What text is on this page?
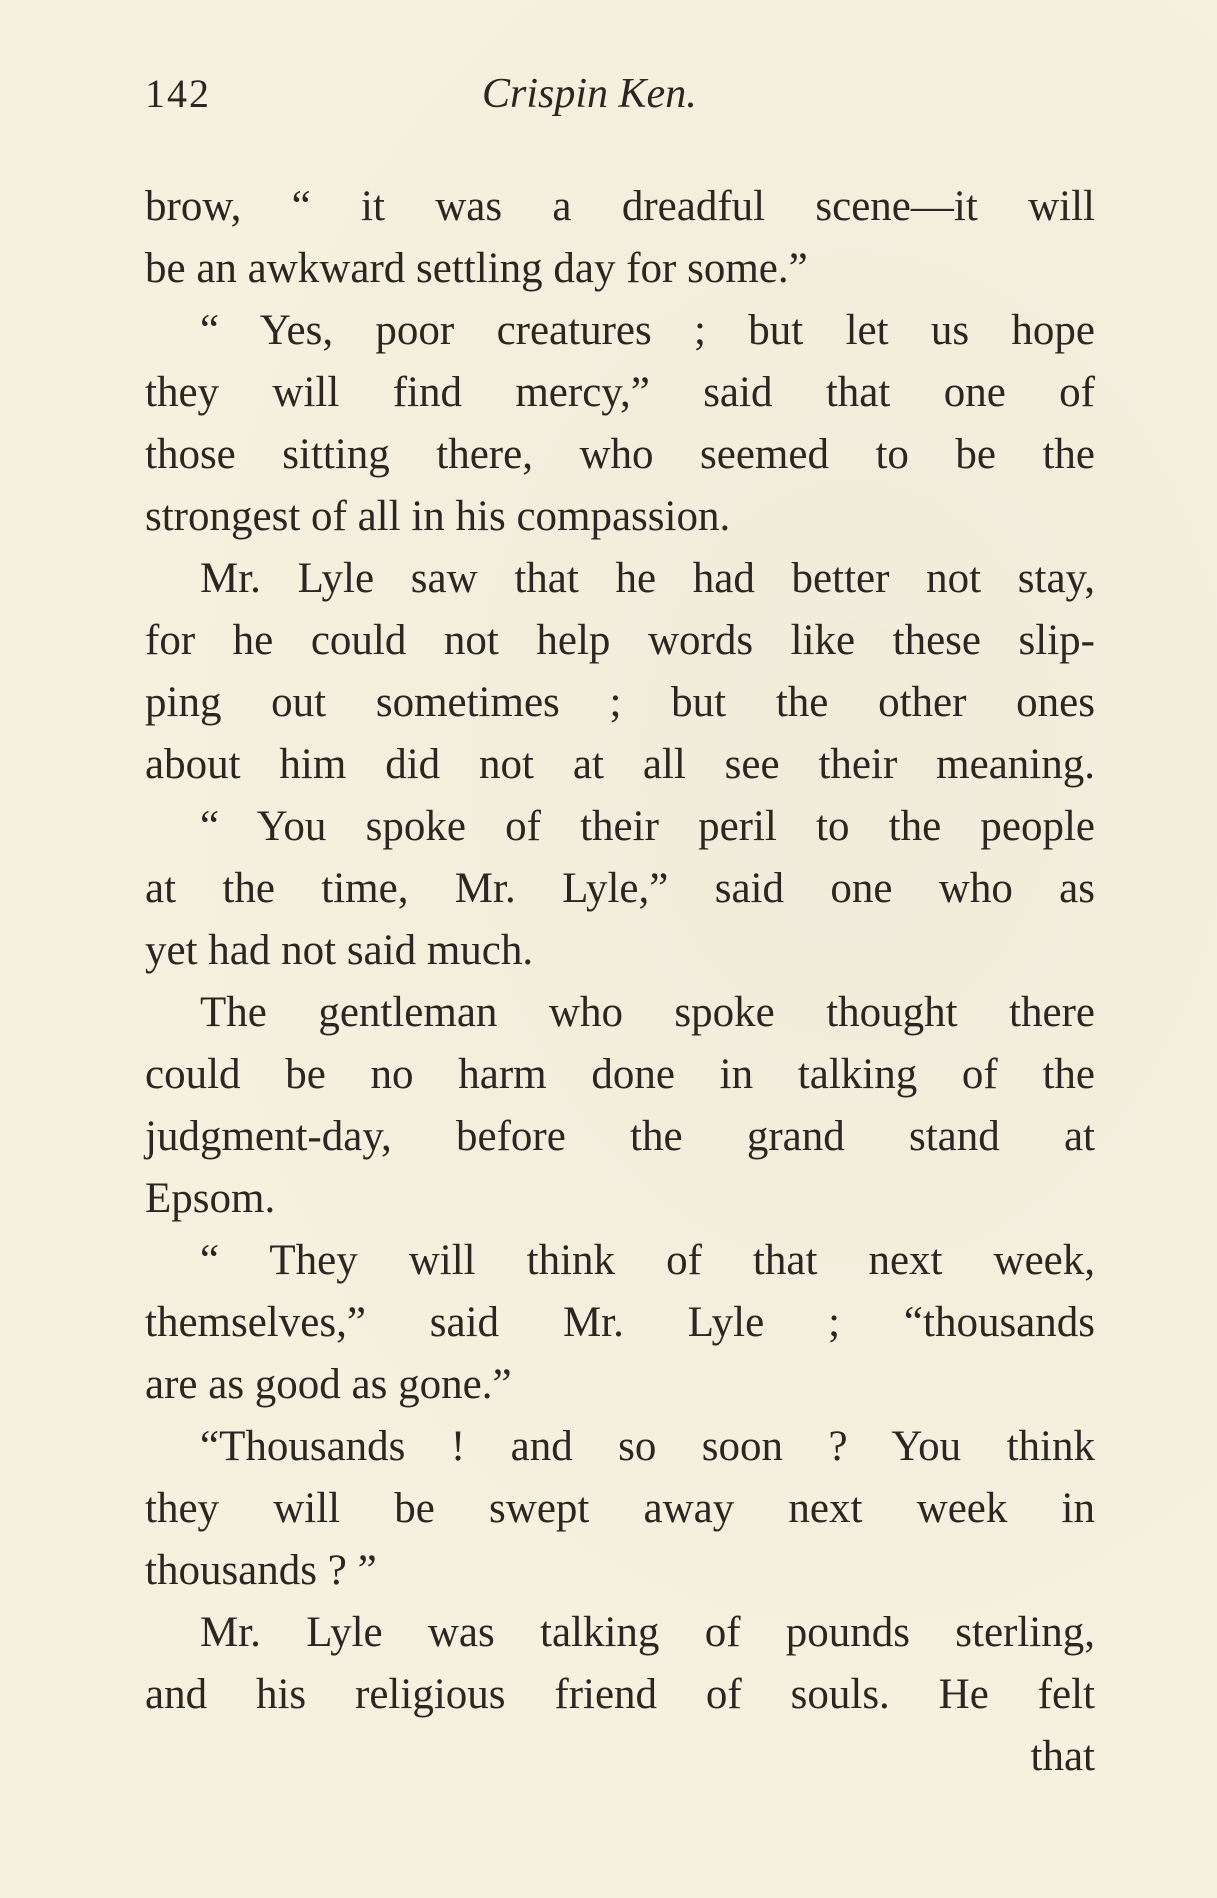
142	Crispin Ken.
brow, “ it was a dreadful scene—it will
be an awkward settling day for some.”
“ Yes, poor creatures ; but let us hope
they will find mercy,” said that one of
those sitting there, who seemed to be the
strongest of all in his compassion.
Mr. Lyle saw that he had better not stay,
for he could not help words like these slip-
ping out sometimes ; but the other ones
about him did not at all see their meaning.
“ You spoke of their peril to the people
at the time, Mr. Lyle,” said one who as
yet had not said much.
The gentleman who spoke thought there
could be no harm done in talking of the
judgment-day, before the grand stand at
Epsom.
“ They will think of that next week,
themselves,” said Mr. Lyle ; “thousands
are as good as gone.”
“Thousands ! and so soon ? You think
they will be swept away next week in
thousands ? ”
Mr. Lyle was talking of pounds sterling,
and his religious friend of souls. He felt
that
